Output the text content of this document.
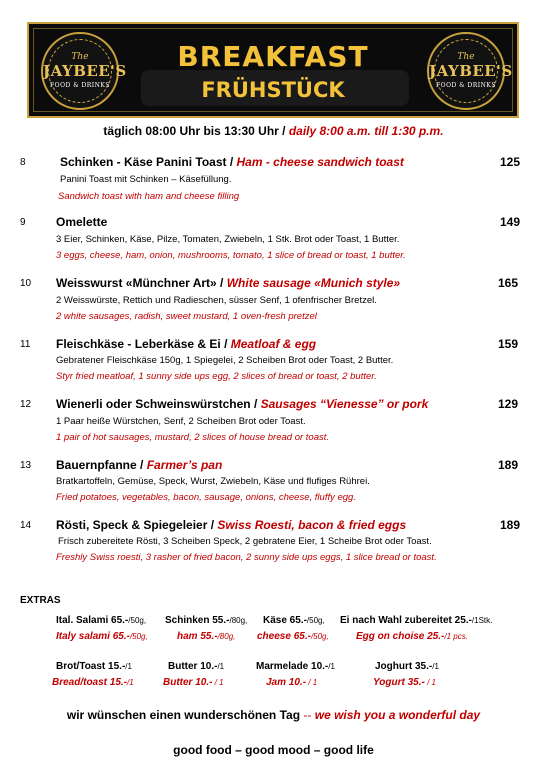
The
JAYBEE'S
FOOD & DRINKS
BREAKFAST
FRÜHSTÜCK
The
JAYBEE'S
FOOD & DRINKS
täglich 08:00 Uhr bis 13:30 Uhr / daily 8:00 a.m. till 1:30 p.m.
8	Schinken - Käse Panini Toast / Ham - cheese sandwich toast	125
Panini Toast mit Schinken – Käsefüllung.
Sandwich toast with ham and cheese filling
9	Omelette	149
3 Eier, Schinken, Käse, Pilze, Tomaten, Zwiebeln, 1 Stk. Brot oder Toast, 1 Butter.
3 eggs, cheese, ham, onion, mushrooms, tomato, 1 slice of bread or toast, 1 butter.
10 Weisswurst «Münchner Art» / White sausage «Munich style»	165
2 Weisswürste, Rettich und Radieschen, süsser Senf, 1 ofenfrischer Bretzel.
2 white sausages, radish, sweet mustard, 1 oven-fresh pretzel
11 Fleischkäse - Leberkäse & Ei / Meatloaf & egg	159
Gebratener Fleischkäse 150g, 1 Spiegelei, 2 Scheiben Brot oder Toast, 2 Butter.
Styr fried meatloaf, 1 sunny side ups egg, 2 slices of bread or toast, 2 butter.
12 Wienerli oder Schweinswürstchen / Sausages “Vienesse” or pork	129
1 Paar heiße Würstchen, Senf, 2 Scheiben Brot oder Toast.
1 pair of hot sausages, mustard, 2 slices of house bread or toast.
13 Bauernpfanne / Farmer’s pan	189
Bratkartoffeln, Gemüse, Speck, Wurst, Zwiebeln, Käse und flufiges Rührei.
Fried potatoes, vegetables, bacon, sausage, onions, cheese, fluffy egg.
14 Rösti, Speck & Spiegeleier / Swiss Roesti, bacon & fried eggs	189
Frisch zubereitete Rösti, 3 Scheiben Speck, 2 gebratene Eier, 1 Scheibe Brot oder Toast.
Freshly Swiss roesti, 3 rasher of fried bacon, 2 sunny side ups eggs, 1 slice bread or toast.
EXTRAS
Ital. Salami 65.-/50g, Schinken 55.-/80g, Käse 65.-/50g, Ei nach Wahl zubereitet 25.-/1Stk.
Italy salami 65.-/50g,	ham 55.-/80g, cheese 65.-/50g,	Egg on choise 25.-/1 pcs.
Brot/Toast 15.-/1	Butter 10.-/1	Marmelade 10.-/1	Joghurt 35.-/1
Bread/toast 15.-/1	Butter 10.- / 1	Jam 10.- / 1	Yogurt 35.- / 1
wir wünschen einen wunderschönen Tag -- we wish you a wonderful day
good food – good mood – good life
